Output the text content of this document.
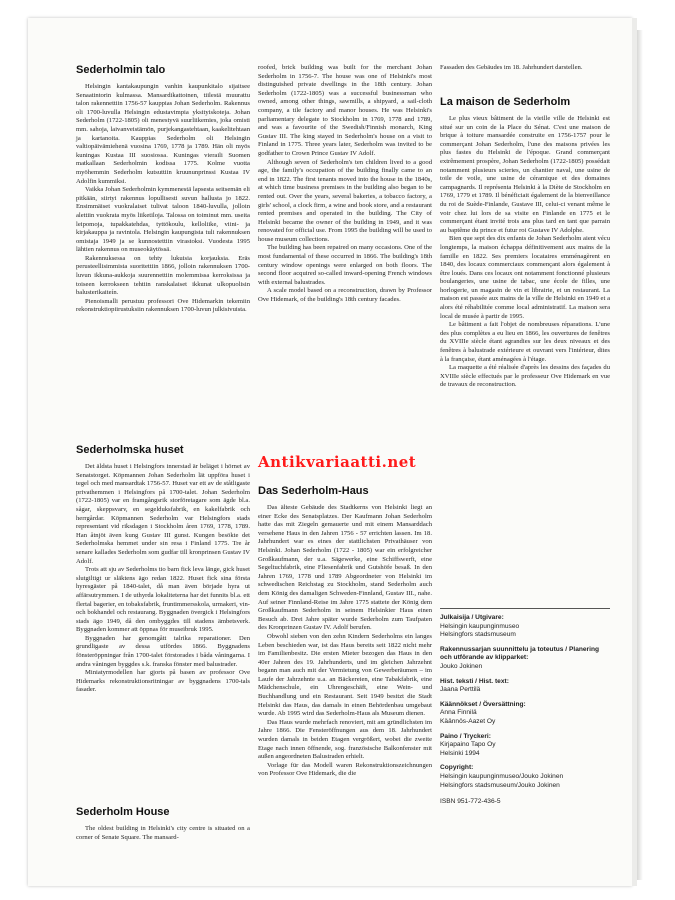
Sederholmin talo

Helsingin kantakaupungin vanhin kaupunkitalo sijaitsee Senaatintorin kulmassa. Mansardikattoinen, tiilestä muurattu talon rakennettiin 1756-57 kauppias Johan Sederholm. Rakennus oli 1700-luvulla Helsingin edustavimpia yksityiskoteja. Johan Sederholm (1722-1805) oli menestyvä suurliikemies, joka omisti mm. sahoja, laivanveistämön, purjekangastehtaan, kaakelitehtaan ja kartanoita. Kauppias Sederholm oli Helsingin valtiopäivämiehenä vuosina 1769, 1778 ja 1789. Hän oli myös kuningas Kustaa III suosiossa. Kuningas vieraili Suomen matkallaan Sederholmin kodissa 1775. Kolme vuotta myöhemmin Sederholm kutsuttiin kruununprinssi Kustaa IV Adolfin kummiksi.

Vaikka Johan Sederholmin kymmenestä lapsesta seitsemän eli pitkään, siirtyi rakennus lopullisesti suvun hallusta jo 1822. Ensimmäiset vuokralaiset tulivat taloon 1840-luvulla, jolloin alettiin vuokrata myös liiketiloja. Talossa on toiminut mm. useita leipomoja, tupakkatehdas, tyttökoulu, kelloliike, viini- ja kirjakauppa ja ravintola. Helsingin kaupungista tuli rakennuksen omistaja 1949 ja se kunnostettiin virastoksi. Vuodesta 1995 lähtien rakennus on museokäytössä.

Rakennuksessa on tehty lukuisia korjauksia. Eräs perusteellisimmista suoritettiin 1866, jolloin rakennuksen 1700-luvun ikkuna-aukkoja suurennettiin molemmissa kerroksissa ja toiseen kerrokseen tehtiin ranskalaiset ikkunat ulkopuolisin balusterikaiteín.

Pienoismalli perustuu professori Ove Hidemarkin tekemiin rekonstruktiopiirustuksiin rakennuksen 1700-luvun julkisivuista.

Sederholmska huset

Det äldsta huset i Helsingfors innerstad är beläget i hörnet av Senatstorget. Köpmannen Johan Sederholm lät uppföra huset i tegel och med mansardtak 1756-57. Huset var ett av de ståtligaste privathemmen i Helsingfors på 1700-talet. Johan Sederholm (1722-1805) var en framgångsrik storföretagare som ägde bl.a. sågar, skeppsvarv, en segelduksfabrik, en kakelfabrik och herrgårdar. Köpmannen Sederholm var Helsingfors stads representant vid riksdagen i Stockholm åren 1769, 1778, 1789. Han åtnjöt även kung Gustav III gunst. Kungen besökte det Sederholmska hemmet under sin resa i Finland 1775. Tre år senare kallades Sederholm som gudfar till kronprinsen Gustav IV Adolf.

Trots att sju av Sederholms tio barn fick leva länge, gick huset slutgiltigt ur släktens ägo redan 1822. Huset fick sina första hyresgäster på 1840-talet, då man även började hyra ut affärsutrymmen. I de uthyrda lokaliteterna har det funnits bl.a. ett flertal bagerier, en tobaksfabrik, fruntimmersskola, urmakeri, vin- och bokhandel och restaurang. Byggnaden övergick i Helsingfors stads ägo 1949, då den ombyggdes till stadens ämbetsverk. Byggnaden kommer att öppnas för museibruk 1995.

Byggnaden har genomgått talrika reparationer. Den grundligaste av dessa utfördes 1866. Byggnadens fönsteröppningar från 1700-talet förstorades i båda våningarna. I andra våningen byggdes s.k. franska fönster med balustrader.

Miniatyrmodellen har gjorts på basen av professor Ove Hidemarks rekonstruktionsritningar av byggnadens 1700-tals fasader.

Sederholm House

The oldest building in Helsinki's city centre is situated on a corner of Senate Square. The mansard-

roofed, brick building was built for the merchant Johan Sederholm in 1756-7. The house was one of Helsinki's most distinguished private dwellings in the 18th century. Johan Sederholm (1722-1805) was a successful businessman who owned, among other things, sawmills, a shipyard, a sail-cloth company, a tile factory and manor houses. He was Helsinki's parliamentary delegate to Stockholm in 1769, 1778 and 1789, and was a favourite of the Swedish/Finnish monarch, King Gustav III. The king stayed in Sederholm's house on a visit to Finland in 1775. Three years later, Sederholm was invited to be godfather to Crown Prince Gustav IV Adolf.

Although seven of Sederholm's ten children lived to a good age, the family's occupation of the building finally came to an end in 1822. The first tenants moved into the house in the 1840s, at which time business premises in the building also began to be rented out. Over the years, several bakeries, a tobacco factory, a girls' school, a clock firm, a wine and book store, and a restaurant rented premises and operated in the building. The City of Helsinki became the owner of the building in 1949, and it was renovated for official use. From 1995 the building will be used to house museum collections.

The building has been repaired on many occasions. One of the most fundamental of these occurred in 1866. The building's 18th century window openings were enlarged on both floors. The second floor acquired so-called inward-opening French windows with external balustrades.

A scale model based on a reconstruction, drawn by Professor Ove Hidemark, of the building's 18th century facades.

Antikvariaatti.net
Das Sederholm-Haus

Das älteste Gebäude des Stadtkerns von Helsinki liegt an einer Ecke des Senatsplatzes. Der Kaufmann Johan Sederholm hatte das mit Ziegeln gemauerte und mit einem Mansarddach versehene Haus in den Jahren 1756 - 57 errichten lassen. Im 18. Jahrhundert war es eines der stattlichsten Privathäuser von Helsinki. Johan Sederholm (1722 - 1805) war ein erfolgreicher Großkaufmann, der u.a. Sägewerke, eine Schiffswerft, eine Segeltuchfabrik, eine Fliesenfabrik und Gutshöfe besaß. In den Jahren 1769, 1778 und 1789 Abgeordneter von Helsinki im schwedischen Reichstag zu Stockholm, stand Sederholm auch dem König des damaligen Schweden-Finnland, Gustav III., nahe. Auf seiner Finnland-Reise im Jahre 1775 stattete der König dem Großkaufmann Sederholm in seinem Helsinkier Haus einen Besuch ab. Drei Jahre später wurde Sederholm zum Taufpaten des Kronprinzen Gustav IV. Adolf berufen.

Obwohl sieben von den zehn Kindern Sederholms ein langes Leben beschieden war, ist das Haus bereits seit 1822 nicht mehr im Familienbesitz. Die ersten Mieter bezogen das Haus in den 40er Jahren des 19. Jahrhunderts, und im gleichen Jahrzehnt begann man auch mit der Vermietung von Gewerberäumen – im Laufe der Jahrzehnte u.a. an Bäckereien, eine Tabakfabrik, eine Mädchenschule, ein Uhrengeschäft, eine Wein- und Buchhandlung und ein Restaurant. Seit 1949 besitzt die Stadt Helsinki das Haus, das damals in einen Behördenbau umgebaut wurde. Ab 1995 wird das Sederholm-Haus als Museum dienen.

Das Haus wurde mehrfach renoviert, mit am gründlichsten im Jahre 1866. Die Fensteröffnungen aus dem 18. Jahrhundert wurden damals in beiden Etagen vergrößert, wobei die zweite Etage nach innen öffnende, sog. französische Balkonfenster mit außen angeordneten Balustraden erhielt.

Vorlage für das Modell waren Rekonstruktionszeichnungen von Professor Ove Hidemark, die die

Fassaden des Gebäudes im 18. Jahrhundert darstellen.

La maison de Sederholm

Le plus vieux bâtiment de la vieille ville de Helsinki est situé sur un coin de la Place du Sénat. C'est une maison de brique à toiture mansardée construite en 1756-1757 pour le commerçant Johan Sederholm, l'une des maisons privées les plus fastes du Helsinki de l'époque. Grand commerçant extrêmement prospère, Johan Sederholm (1722-1805) possédait notamment plusieurs scieries, un chantier naval, une usine de toile de voile, une usine de céramique et des domaines campagnards. Il représenta Helsinki à la Diète de Stockholm en 1769, 1779 et 1789. Il bénéficiait également de la bienveillance du roi de Suède-Finlande, Gustave III, celui-ci venant même le voir chez lui lors de sa visite en Finlande en 1775 et le commerçant étant invité trois ans plus tard en tant que parrain au baptême du prince et futur roi Gustave IV Adolphe.

Bien que sept des dix enfants de Johan Sederholm aient vécu longtemps, la maison échappa définitivement aux mains de la famille en 1822. Ses premiers locataires emménagèrent en 1840, des locaux commerciaux commençant alors également à être loués. Dans ces locaux ont notamment fonctionné plusieurs boulangeries, une usine de tabac, une école de filles, une horlogerie, un magasin de vin et librairie, et un restaurant. La maison est passée aux mains de la ville de Helsinki en 1949 et a alors été réhabilitée comme local administratif. La maison sera local de musée à partir de 1995.

Le bâtiment a fait l'objet de nombreuses réparations. L'une des plus complètes a eu lieu en 1866, les ouvertures de fenêtres du XVIIIe siècle étant agrandies sur les deux niveaux et des fenêtres à balustrade extérieure et ouvrant vers l'intérieur, dites à la française, étant aménagées à l'étage.

La maquette a été réalisée d'après les dessins des façades du XVIIIe siècle effectués par le professeur Ove Hidemark en vue de travaux de reconstruction.

Julkaisija / Utgivare:
Helsingin kaupunginmuseo
Helsingfors stadsmuseum
Rakennussarjan suunnittelu ja toteutus / Planering och utförande av klipparket:
Jouko Jokinen
Hist. teksti / Hist. text:
Jaana Perttilä
Käännökset / Översättning:
Anna Finnilä
Käännös-Aazet Oy
Paino / Tryckeri:
Kirjapaino Tapo Oy
Helsinki 1994
Copyright:
Helsingin kaupunginmuseo/Jouko Jokinen
Helsingfors stadsmuseum/Jouko Jokinen
ISBN 951-772-436-5
